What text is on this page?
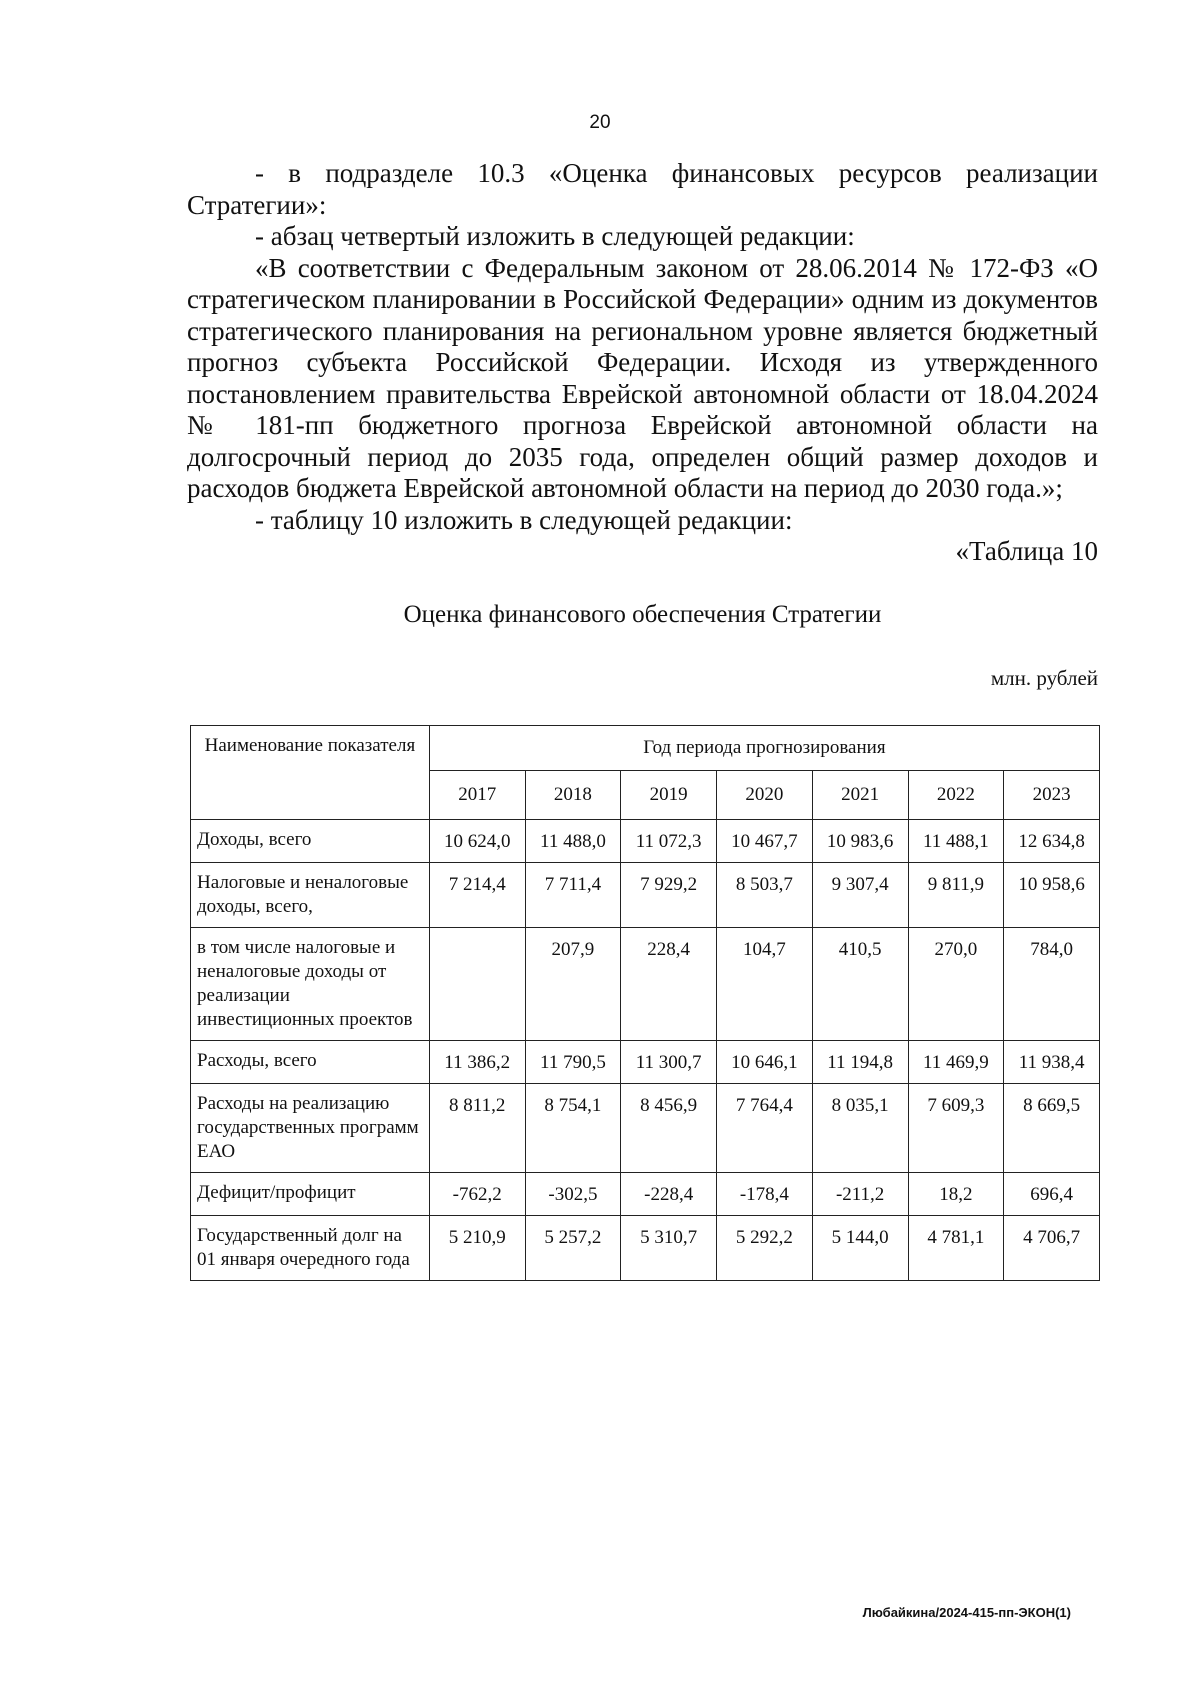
20

- в подразделе 10.3 «Оценка финансовых ресурсов реализации Стратегии»:

- абзац четвертый изложить в следующей редакции:

«В соответствии с Федеральным законом от 28.06.2014 № 172-ФЗ «О стратегическом планировании в Российской Федерации» одним из документов стратегического планирования на региональном уровне является бюджетный прогноз субъекта Российской Федерации. Исходя из утвержденного постановлением правительства Еврейской автономной области от 18.04.2024 № 181-пп бюджетного прогноза Еврейской автономной области на долгосрочный период до 2035 года, определен общий размер доходов и расходов бюджета Еврейской автономной области на период до 2030 года.»;

- таблицу 10 изложить в следующей редакции:

«Таблица 10

Оценка финансового обеспечения Стратегии
млн. рублей
Наименование показателя	Год периода прогнозирования						
	2017	2018	2019	2020	2021	2022	2023
Доходы, всего	10 624,0	11 488,0	11 072,3	10 467,7	10 983,6	11 488,1	12 634,8
Налоговые и неналоговые доходы, всего,	7 214,4	7 711,4	7 929,2	8 503,7	9 307,4	9 811,9	10 958,6
в том числе налоговые и неналоговые доходы от реализации инвестиционных проектов		207,9	228,4	104,7	410,5	270,0	784,0
Расходы, всего	11 386,2	11 790,5	11 300,7	10 646,1	11 194,8	11 469,9	11 938,4
Расходы на реализацию государственных программ ЕАО	8 811,2	8 754,1	8 456,9	7 764,4	8 035,1	7 609,3	8 669,5
Дефицит/профицит	-762,2	-302,5	-228,4	-178,4	-211,2	18,2	696,4
Государственный долг на 01 января очередного года	5 210,9	5 257,2	5 310,7	5 292,2	5 144,0	4 781,1	4 706,7
Любайкина/2024-415-пп-ЭКОН(1)
